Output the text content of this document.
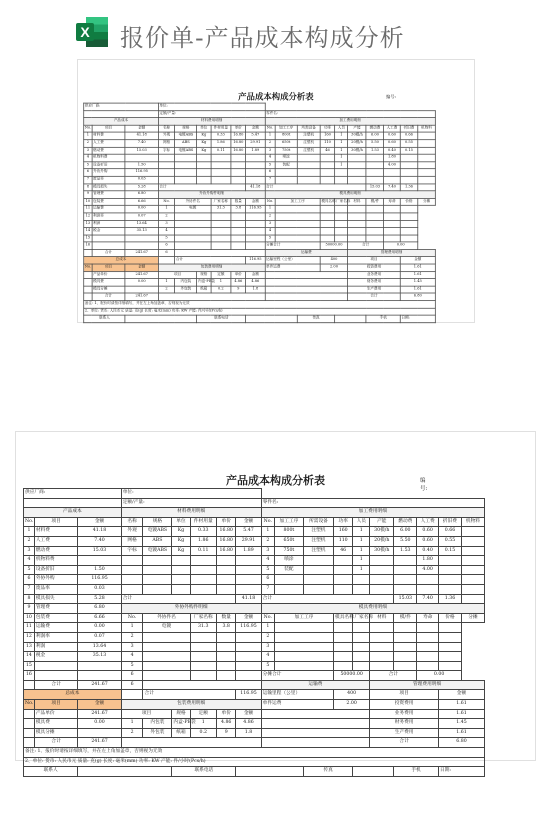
X 报价单-产品成本构成分析
产品成本构成分析表	编号:
供应厂商:			单位:															
			定额/产量:						零件名:									
产品成本			材料费用明细						加工费用明细									
No.	项目	金额	名称	规格	单位	件材用量	单价	金额	No.	加工工序	所需设备	功率	人员	产能	燃动费	人工费	折旧费	机物料
1	材料费	41.18	外观	电镀ABS	Kg	0.33	16.80	5.47	1	800t	注塑机	160	1	30模/h	6.00	0.60	0.66	
2	人工费	7.40	网格	ABS	Kg	1.86	16.80	29.91	2	650t	注塑机	110	1	20模/h	5.50	0.60	0.55	
3	燃动费	15.03	字标	电镀ABS	Kg	0.11	16.80	1.89	3	750t	注塑机	46	1	30模/h	1.53	0.40	0.15	
4	机物料费								4	喷涂			1			1.80		
5	设备折旧	1.50							5	装配			1			4.00		
6	外协外购	116.95							6									
7	废品率	0.03							7									
8	模具损失	5.28	合计					41.18	合计						15.03	7.40	1.36	
9	管理费	6.80	外协外购件明细						模具费用明细									
10	包装费	6.66	No.	外协件名		厂家名称	数量	金额	No.	加工工序		模具名称	厂家名称	材料	模/件	寿命	价格	分摊
11	运输费	0.00	1	电镀		31.3	3.8	116.95	1									
12	利润率	0.07	2						2									
13	利润	13.64	3						3									
14	税金	35.13	4						4									
15			5						5									
16			6						分摊合计			50000.00		合计		0.00		
	合计	241.67	6						运输费					管理费用明细				
总成本				合计				116.95	运输里程（公里）			400		项目			金额	
No.	项目	金额	包装费用明细						单件运费			2.00		投资费用			1.61	
	产品单价	241.67	项目		规格	定额	单价	金额						业务费用			1.61	
	模具费	0.00	1	内包装	内盒-PE袋	1	4.86	4.86						财务费用			1.45	
	模具分摊		2	外包装	纸箱	0.2	9	1.8						生产费用			1.61	
	合计	241.67												合计			6.80	
备注: 1、报价时请按详细填写，并在左上角加盖章，否则视为无效																		
2、单位: 货币: 人民币元 质量: 克(g) 长度: 毫米(mm) 功率: KW 产能: 件/小时(Pcs/h)																		
联系人					联系电话						传真				手机		日期:	
产品成本构成分析表	编号:
供应厂商:			单位:															
			定额/产量:						零件名:									
产品成本			材料费用明细						加工费用明细									
No.	项目	金额	名称	规格	单位	件材用量	单价	金额	No.	加工工序	所需设备	功率	人员	产能	燃动费	人工费	折旧费	机物料
1	材料费	41.18	外观	电镀ABS	Kg	0.33	16.80	5.47	1	800t	注塑机	160	1	30模/h	6.00	0.60	0.66	
2	人工费	7.40	网格	ABS	Kg	1.86	16.80	29.91	2	650t	注塑机	110	1	20模/h	5.50	0.60	0.55	
3	燃动费	15.03	字标	电镀ABS	Kg	0.11	16.80	1.89	3	750t	注塑机	46	1	30模/h	1.53	0.40	0.15	
4	机物料费								4	喷涂			1			1.80		
5	设备折旧	1.50							5	装配			1			4.00		
6	外协外购	116.95							6									
7	废品率	0.03							7									
8	模具损失	5.28	合计					41.18	合计						15.03	7.40	1.36	
9	管理费	6.80	外协外购件明细						模具费用明细									
10	包装费	6.66	No.	外协件名		厂家名称	数量	金额	No.	加工工序		模具名称	厂家名称	材料	模/件	寿命	价格	分摊
11	运输费	0.00	1	电镀		31.3	3.8	116.95	1									
12	利润率	0.07	2						2									
13	利润	13.64	3						3									
14	税金	35.13	4						4									
15			5						5									
16			6						分摊合计			50000.00		合计		0.00		
	合计	241.67	6						运输费					管理费用明细				
总成本				合计				116.95	运输里程（公里）			400		项目			金额	
No.	项目	金额	包装费用明细						单件运费			2.00		投资费用			1.61	
	产品单价	241.67	项目		规格	定额	单价	金额						业务费用			1.61	
	模具费	0.00	1	内包装	内盒-PE袋	1	4.86	4.86						财务费用			1.45	
	模具分摊		2	外包装	纸箱	0.2	9	1.8						生产费用			1.61	
	合计	241.67												合计			6.80	
备注: 1、报价时请按详细填写，并在左上角加盖章，否则视为无效																		
2、单位: 货币: 人民币元 质量: 克(g) 长度: 毫米(mm) 功率: KW 产能: 件/小时(Pcs/h)																		
联系人					联系电话						传真				手机		日期:	
